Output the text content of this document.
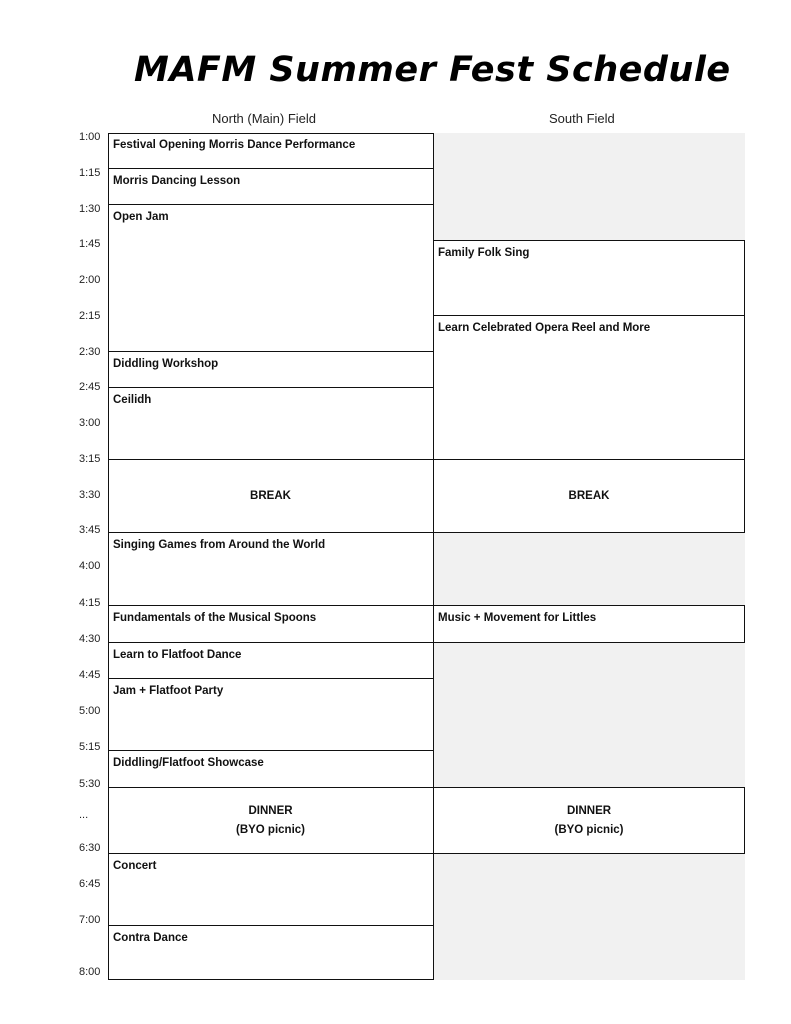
MAFM Summer Fest Schedule
North (Main) Field	South Field
1:00
1:15
1:30
1:45
2:00
2:15
2:30
2:45
3:00
3:15
3:30
3:45
4:00
4:15
4:30
4:45
5:00
5:15
5:30
...
6:30
6:45
7:00
8:00
Festival Opening Morris Dance Performance
Morris Dancing Lesson
Open Jam
Diddling Workshop
Ceilidh
BREAK
Singing Games from Around the World
Fundamentals of the Musical Spoons
Learn to Flatfoot Dance
Jam + Flatfoot Party
Diddling/Flatfoot Showcase
DINNER
(BYO picnic)
Concert
Contra Dance
Family Folk Sing
Learn Celebrated Opera Reel and More
BREAK
Music + Movement for Littles
DINNER
(BYO picnic)
